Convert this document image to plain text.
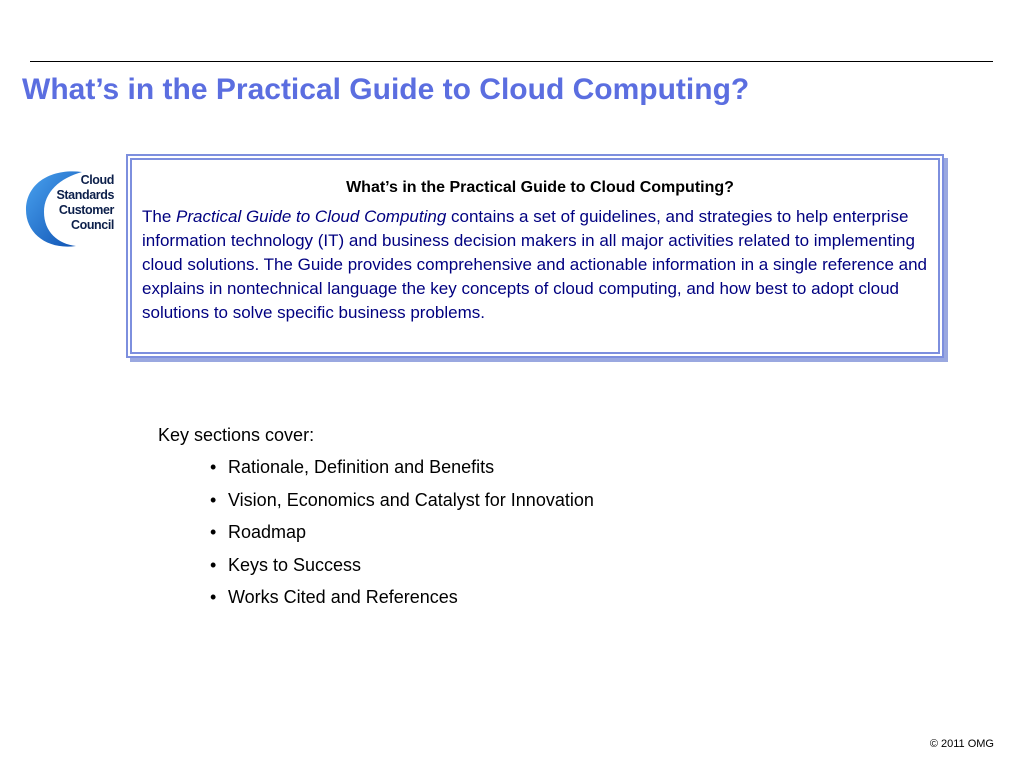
What’s in the Practical Guide to Cloud Computing?
Cloud
Standards
Customer
Council

What’s in the Practical Guide to Cloud Computing?

The Practical Guide to Cloud Computing contains a set of guidelines, and strategies to help enterprise information technology (IT) and business decision makers in all major activities related to implementing cloud solutions. The Guide provides comprehensive and actionable information in a single reference and explains in nontechnical language the key concepts of cloud computing, and how best to adopt cloud solutions to solve specific business problems.

Key sections cover:

• Rationale, Definition and Benefits
• Vision, Economics and Catalyst for Innovation
• Roadmap
• Keys to Success
• Works Cited and References
© 2011 OMG
